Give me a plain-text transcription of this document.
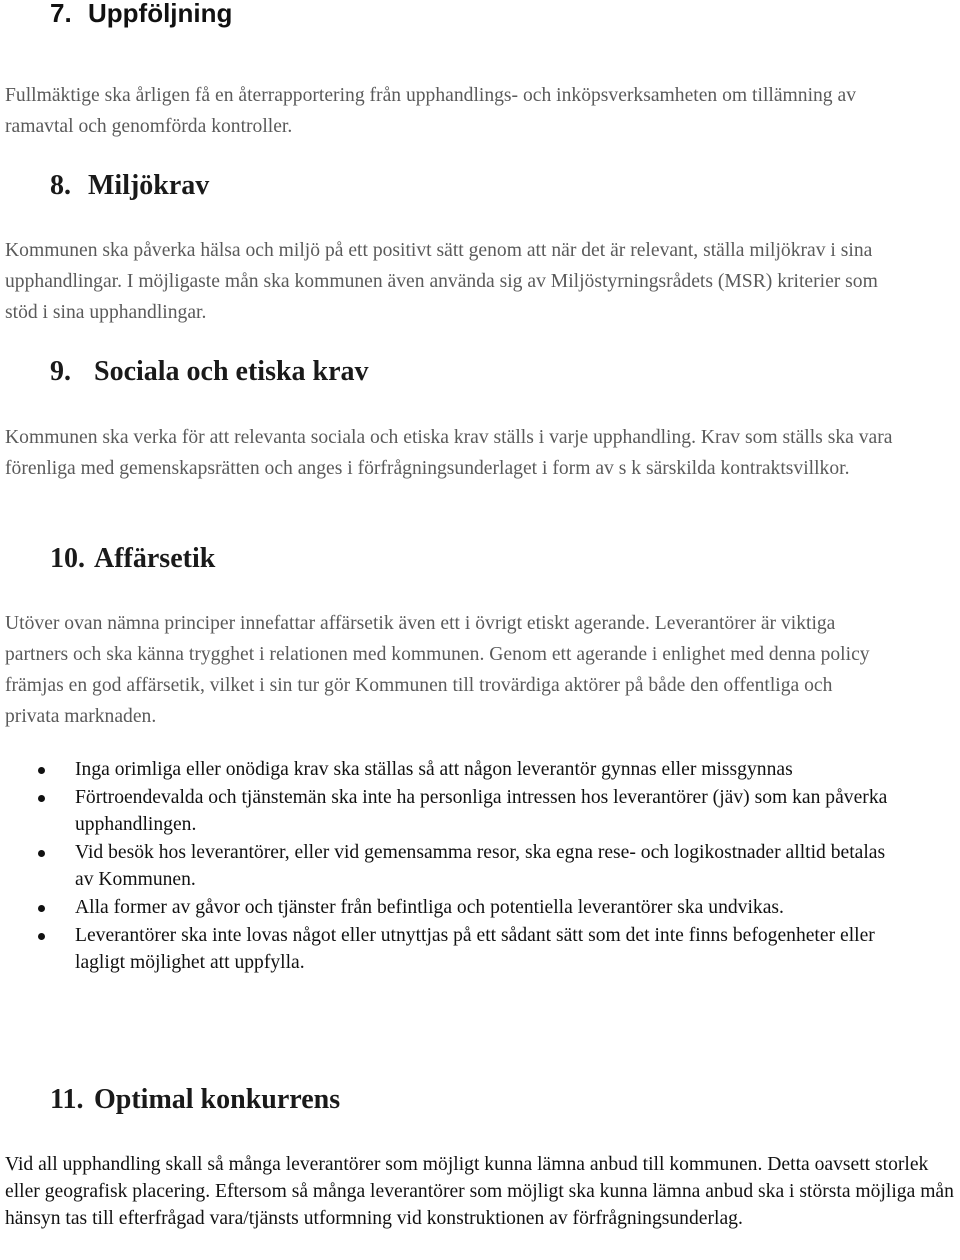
7. Uppföljning

Fullmäktige ska årligen få en återrapportering från upphandlings- och inköpsverksamheten om tillämning av ramavtal och genomförda kontroller.

8. Miljökrav

Kommunen ska påverka hälsa och miljö på ett positivt sätt genom att när det är relevant, ställa miljökrav i sina upphandlingar. I möjligaste mån ska kommunen även använda sig av Miljöstyrningsrådets (MSR) kriterier som stöd i sina upphandlingar.

9. Sociala och etiska krav

Kommunen ska verka för att relevanta sociala och etiska krav ställs i varje upphandling. Krav som ställs ska vara förenliga med gemenskapsrätten och anges i förfrågningsunderlaget i form av s k särskilda kontraktsvillkor.

10. Affärsetik

Utöver ovan nämna principer innefattar affärsetik även ett i övrigt etiskt agerande. Leverantörer är viktiga partners och ska känna trygghet i relationen med kommunen. Genom ett agerande i enlighet med denna policy främjas en god affärsetik, vilket i sin tur gör Kommunen till trovärdiga aktörer på både den offentliga och privata marknaden.

Inga orimliga eller onödiga krav ska ställas så att någon leverantör gynnas eller missgynnas
Förtroendevalda och tjänstemän ska inte ha personliga intressen hos leverantörer (jäv) som kan påverka upphandlingen.
Vid besök hos leverantörer, eller vid gemensamma resor, ska egna rese- och logikostnader alltid betalas av Kommunen.
Alla former av gåvor och tjänster från befintliga och potentiella leverantörer ska undvikas.
Leverantörer ska inte lovas något eller utnyttjas på ett sådant sätt som det inte finns befogenheter eller lagligt möjlighet att uppfylla.
11. Optimal konkurrens

Vid all upphandling skall så många leverantörer som möjligt kunna lämna anbud till kommunen. Detta oavsett storlek eller geografisk placering. Eftersom så många leverantörer som möjligt ska kunna lämna anbud ska i största möjliga mån hänsyn tas till efterfrågad vara/tjänsts utformning vid konstruktionen av förfrågningsunderlag.
